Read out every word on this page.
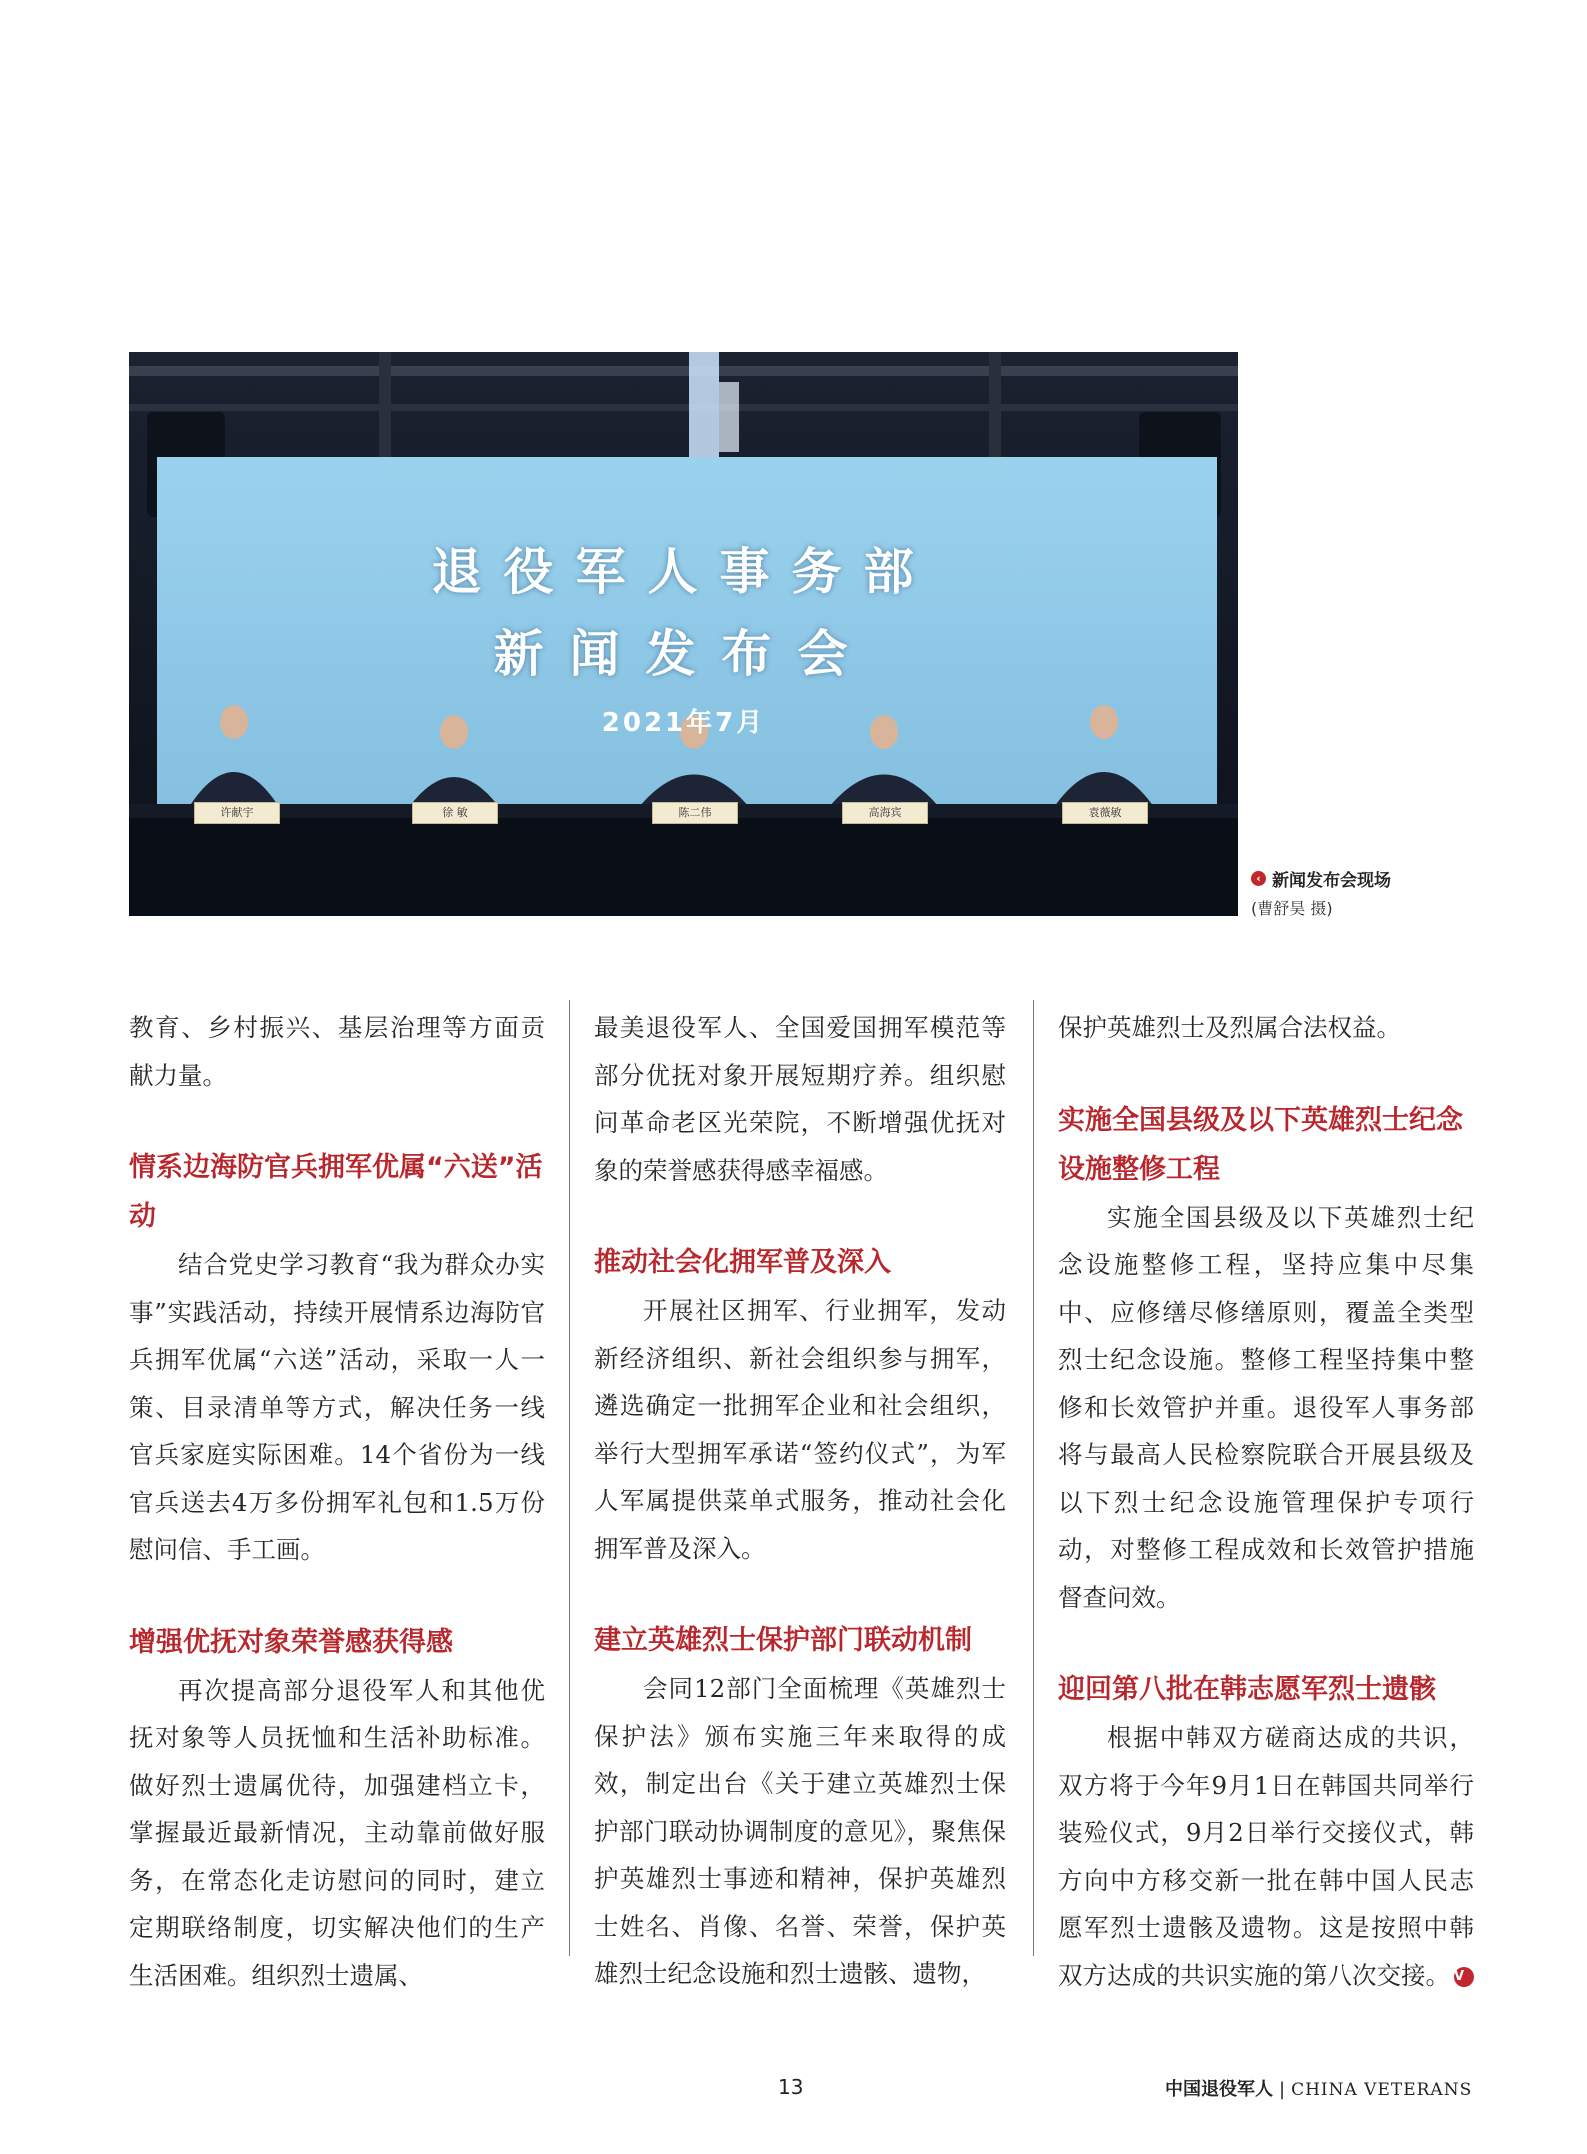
退役军人事务部
新闻发布会
2021年7月
许献宇	徐 敏	陈二伟	高海宾	袁薇敏
‹ 新闻发布会现场
(曹舒昊 摄)

教育、乡村振兴、基层治理等方面贡献力量。

情系边海防官兵拥军优属“六送”活动

结合党史学习教育“我为群众办实事”实践活动，持续开展情系边海防官兵拥军优属“六送”活动，采取一人一策、目录清单等方式，解决任务一线官兵家庭实际困难。14个省份为一线官兵送去4万多份拥军礼包和1.5万份慰问信、手工画。

增强优抚对象荣誉感获得感

再次提高部分退役军人和其他优抚对象等人员抚恤和生活补助标准。做好烈士遗属优待，加强建档立卡，掌握最近最新情况，主动靠前做好服务，在常态化走访慰问的同时，建立定期联络制度，切实解决他们的生产生活困难。组织烈士遗属、

最美退役军人、全国爱国拥军模范等部分优抚对象开展短期疗养。组织慰问革命老区光荣院，不断增强优抚对象的荣誉感获得感幸福感。

推动社会化拥军普及深入

开展社区拥军、行业拥军，发动新经济组织、新社会组织参与拥军，遴选确定一批拥军企业和社会组织，举行大型拥军承诺“签约仪式”，为军人军属提供菜单式服务，推动社会化拥军普及深入。

建立英雄烈士保护部门联动机制

会同12部门全面梳理《英雄烈士保护法》颁布实施三年来取得的成效，制定出台《关于建立英雄烈士保护部门联动协调制度的意见》，聚焦保护英雄烈士事迹和精神，保护英雄烈士姓名、肖像、名誉、荣誉，保护英雄烈士纪念设施和烈士遗骸、遗物，

保护英雄烈士及烈属合法权益。

实施全国县级及以下英雄烈士纪念设施整修工程

实施全国县级及以下英雄烈士纪念设施整修工程，坚持应集中尽集中、应修缮尽修缮原则，覆盖全类型烈士纪念设施。整修工程坚持集中整修和长效管护并重。退役军人事务部将与最高人民检察院联合开展县级及以下烈士纪念设施管理保护专项行动，对整修工程成效和长效管护措施督查问效。

迎回第八批在韩志愿军烈士遗骸

根据中韩双方磋商达成的共识，双方将于今年9月1日在韩国共同举行装殓仪式，9月2日举行交接仪式，韩方向中方移交新一批在韩中国人民志愿军烈士遗骸及遗物。这是按照中韩双方达成的共识实施的第八次交接。 V

13	中国退役军人 | CHINA VETERANS
